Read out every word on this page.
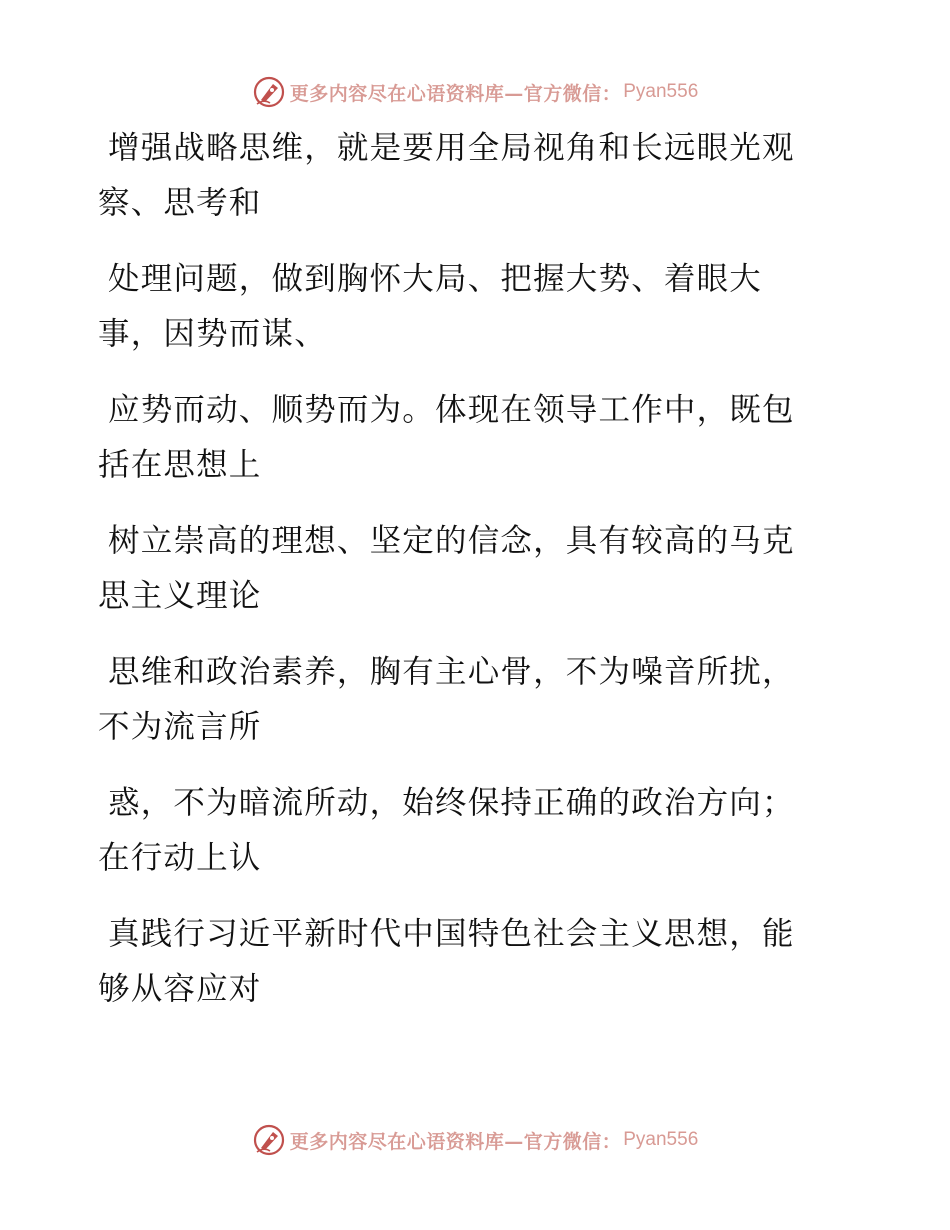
更多内容尽在心语资料库—官方微信： Pyan556
增强战略思维，就是要用全局视角和长远眼光观
察、思考和
处理问题，做到胸怀大局、把握大势、着眼大
事，因势而谋、
应势而动、顺势而为。体现在领导工作中，既包
括在思想上
树立崇高的理想、坚定的信念，具有较高的马克
思主义理论
思维和政治素养，胸有主心骨，不为噪音所扰，
不为流言所
惑，不为暗流所动，始终保持正确的政治方向；
在行动上认
真践行习近平新时代中国特色社会主义思想，能
够从容应对
更多内容尽在心语资料库—官方微信： Pyan556
